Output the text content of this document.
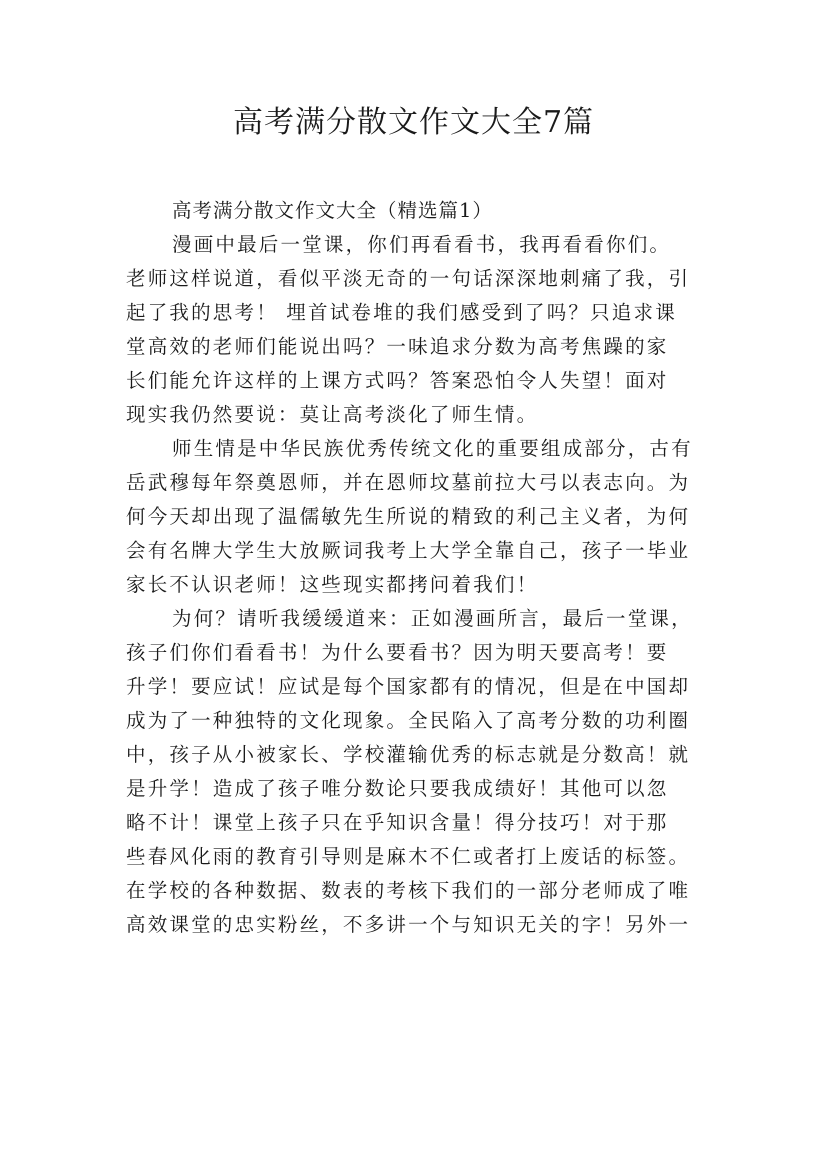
高考满分散文作文大全7篇
高考满分散文作文大全（精选篇1）

漫画中最后一堂课，你们再看看书，我再看看你们。
老师这样说道，看似平淡无奇的一句话深深地刺痛了我，引
起了我的思考！ 埋首试卷堆的我们感受到了吗？只追求课
堂高效的老师们能说出吗？一味追求分数为高考焦躁的家
长们能允许这样的上课方式吗？答案恐怕令人失望！面对
现实我仍然要说：莫让高考淡化了师生情。

师生情是中华民族优秀传统文化的重要组成部分，古有
岳武穆每年祭奠恩师，并在恩师坟墓前拉大弓以表志向。为
何今天却出现了温儒敏先生所说的精致的利己主义者，为何
会有名牌大学生大放厥词我考上大学全靠自己，孩子一毕业
家长不认识老师！这些现实都拷问着我们！

为何？请听我缓缓道来：正如漫画所言，最后一堂课，
孩子们你们看看书！为什么要看书？因为明天要高考！要
升学！要应试！应试是每个国家都有的情况，但是在中国却
成为了一种独特的文化现象。全民陷入了高考分数的功利圈
中，孩子从小被家长、学校灌输优秀的标志就是分数高！就
是升学！造成了孩子唯分数论只要我成绩好！其他可以忽
略不计！课堂上孩子只在乎知识含量！得分技巧！对于那
些春风化雨的教育引导则是麻木不仁或者打上废话的标签。
在学校的各种数据、数表的考核下我们的一部分老师成了唯
高效课堂的忠实粉丝，不多讲一个与知识无关的字！另外一
